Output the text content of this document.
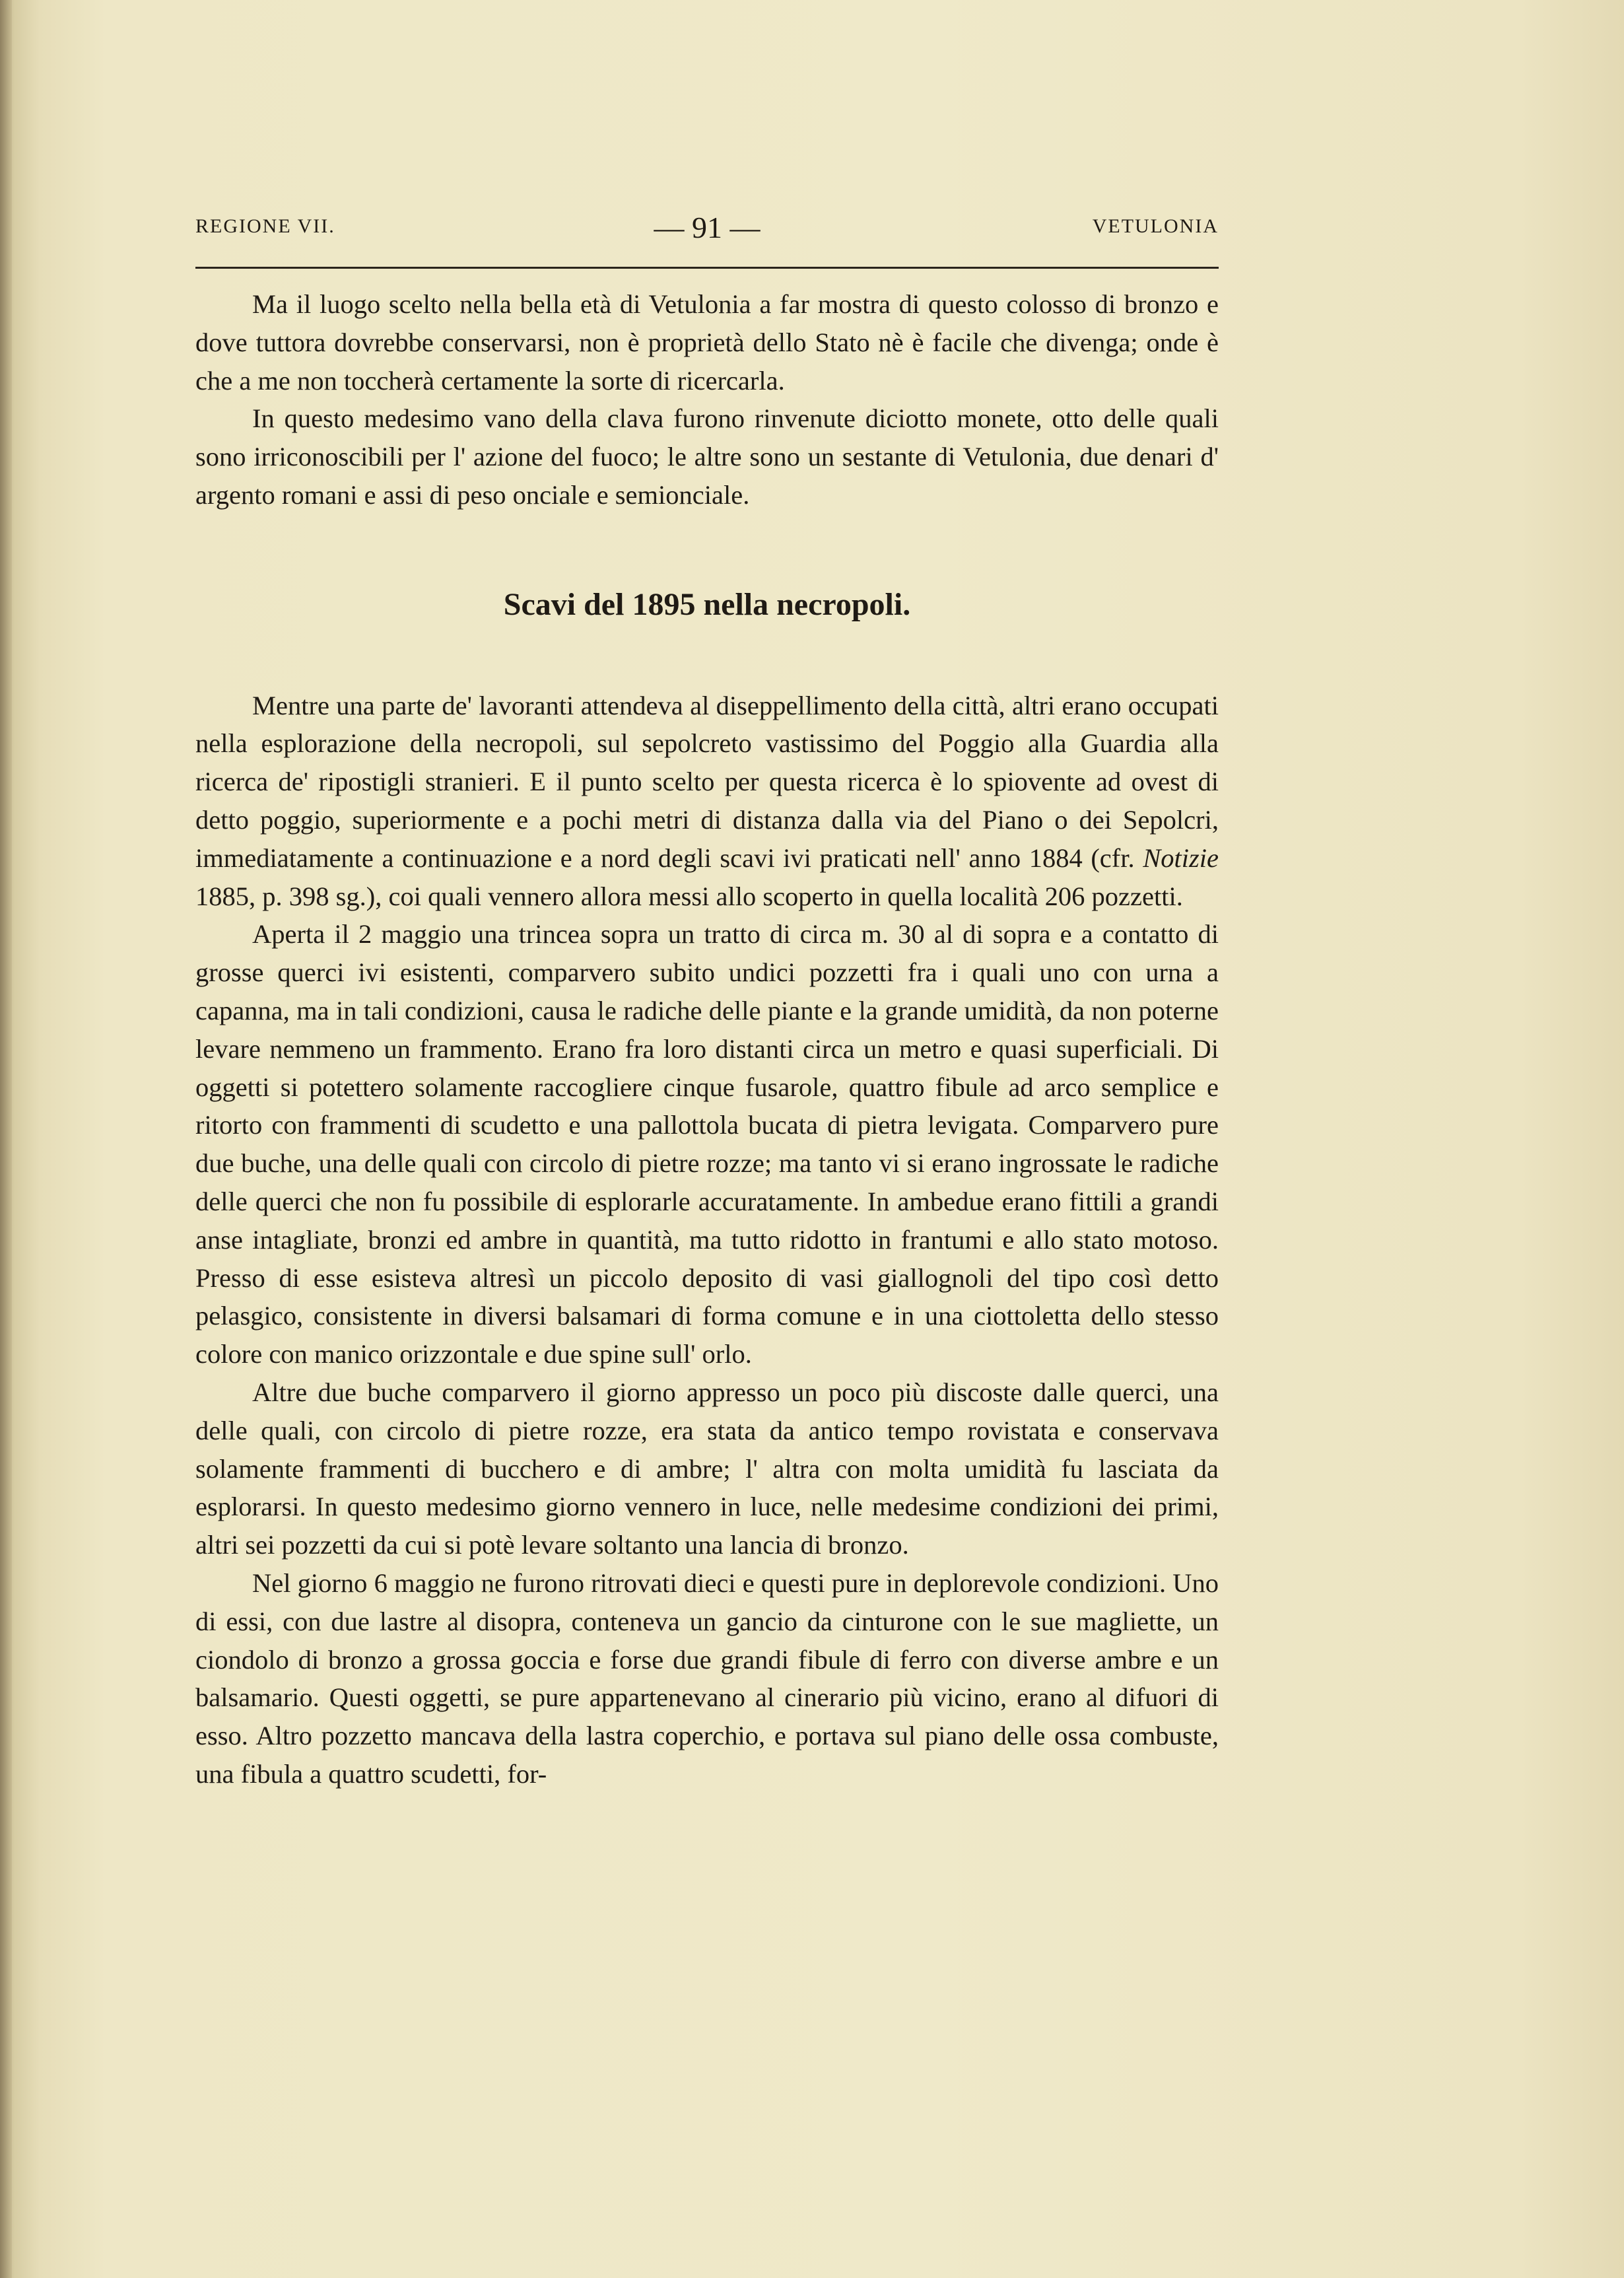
REGIONE VII.	— 91 —	VETULONIA

Ma il luogo scelto nella bella età di Vetulonia a far mostra di questo colosso di bronzo e dove tuttora dovrebbe conservarsi, non è proprietà dello Stato nè è facile che divenga; onde è che a me non toccherà certamente la sorte di ricercarla.

In questo medesimo vano della clava furono rinvenute diciotto monete, otto delle quali sono irriconoscibili per l' azione del fuoco; le altre sono un sestante di Vetulonia, due denari d' argento romani e assi di peso onciale e semionciale.

Scavi del 1895 nella necropoli.

Mentre una parte de' lavoranti attendeva al diseppellimento della città, altri erano occupati nella esplorazione della necropoli, sul sepolcreto vastissimo del Poggio alla Guardia alla ricerca de' ripostigli stranieri. E il punto scelto per questa ricerca è lo spiovente ad ovest di detto poggio, superiormente e a pochi metri di distanza dalla via del Piano o dei Sepolcri, immediatamente a continuazione e a nord degli scavi ivi praticati nell' anno 1884 (cfr. Notizie 1885, p. 398 sg.), coi quali vennero allora messi allo scoperto in quella località 206 pozzetti.

Aperta il 2 maggio una trincea sopra un tratto di circa m. 30 al di sopra e a contatto di grosse querci ivi esistenti, comparvero subito undici pozzetti fra i quali uno con urna a capanna, ma in tali condizioni, causa le radiche delle piante e la grande umidità, da non poterne levare nemmeno un frammento. Erano fra loro distanti circa un metro e quasi superficiali. Di oggetti si potettero solamente raccogliere cinque fusarole, quattro fibule ad arco semplice e ritorto con frammenti di scudetto e una pallottola bucata di pietra levigata. Comparvero pure due buche, una delle quali con circolo di pietre rozze; ma tanto vi si erano ingrossate le radiche delle querci che non fu possibile di esplorarle accuratamente. In ambedue erano fittili a grandi anse intagliate, bronzi ed ambre in quantità, ma tutto ridotto in frantumi e allo stato motoso. Presso di esse esisteva altresì un piccolo deposito di vasi giallognoli del tipo così detto pelasgico, consistente in diversi balsamari di forma comune e in una ciottoletta dello stesso colore con manico orizzontale e due spine sull' orlo.

Altre due buche comparvero il giorno appresso un poco più discoste dalle querci, una delle quali, con circolo di pietre rozze, era stata da antico tempo rovistata e conservava solamente frammenti di bucchero e di ambre; l' altra con molta umidità fu lasciata da esplorarsi. In questo medesimo giorno vennero in luce, nelle medesime condizioni dei primi, altri sei pozzetti da cui si potè levare soltanto una lancia di bronzo.

Nel giorno 6 maggio ne furono ritrovati dieci e questi pure in deplorevole condizioni. Uno di essi, con due lastre al disopra, conteneva un gancio da cinturone con le sue magliette, un ciondolo di bronzo a grossa goccia e forse due grandi fibule di ferro con diverse ambre e un balsamario. Questi oggetti, se pure appartenevano al cinerario più vicino, erano al difuori di esso. Altro pozzetto mancava della lastra coperchio, e portava sul piano delle ossa combuste, una fibula a quattro scudetti, for-
